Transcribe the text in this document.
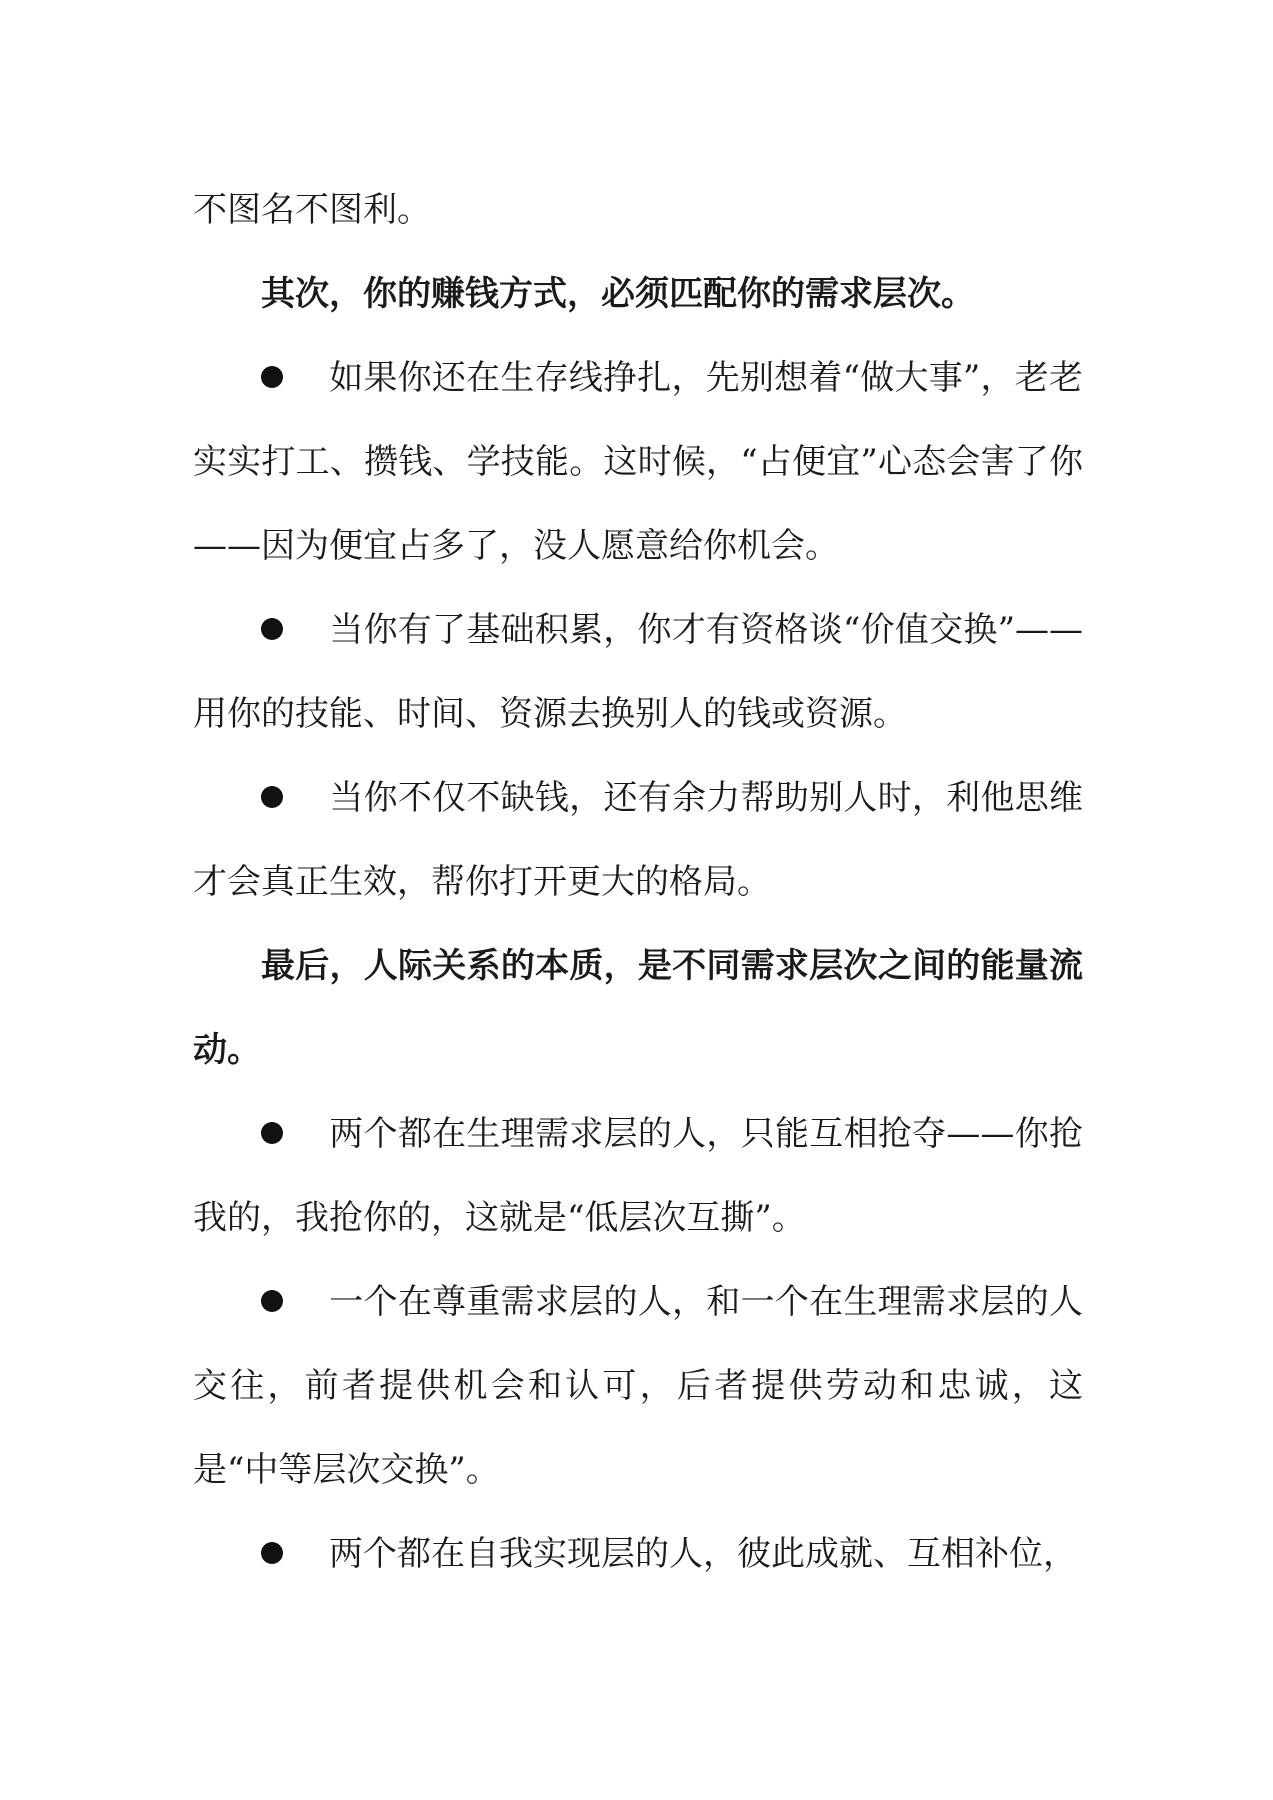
不图名不图利。

其次，你的赚钱方式，必须匹配你的需求层次。

如果你还在生存线挣扎，先别想着“做大事”，老老实实打工、攒钱、学技能。这时候，“占便宜”心态会害了你——因为便宜占多了，没人愿意给你机会。

当你有了基础积累，你才有资格谈“价值交换”——用你的技能、时间、资源去换别人的钱或资源。

当你不仅不缺钱，还有余力帮助别人时，利他思维才会真正生效，帮你打开更大的格局。

最后，人际关系的本质，是不同需求层次之间的能量流动。

两个都在生理需求层的人，只能互相抢夺——你抢我的，我抢你的，这就是“低层次互撕”。

一个在尊重需求层的人，和一个在生理需求层的人交往，前者提供机会和认可，后者提供劳动和忠诚，这是“中等层次交换”。

两个都在自我实现层的人，彼此成就、互相补位，
